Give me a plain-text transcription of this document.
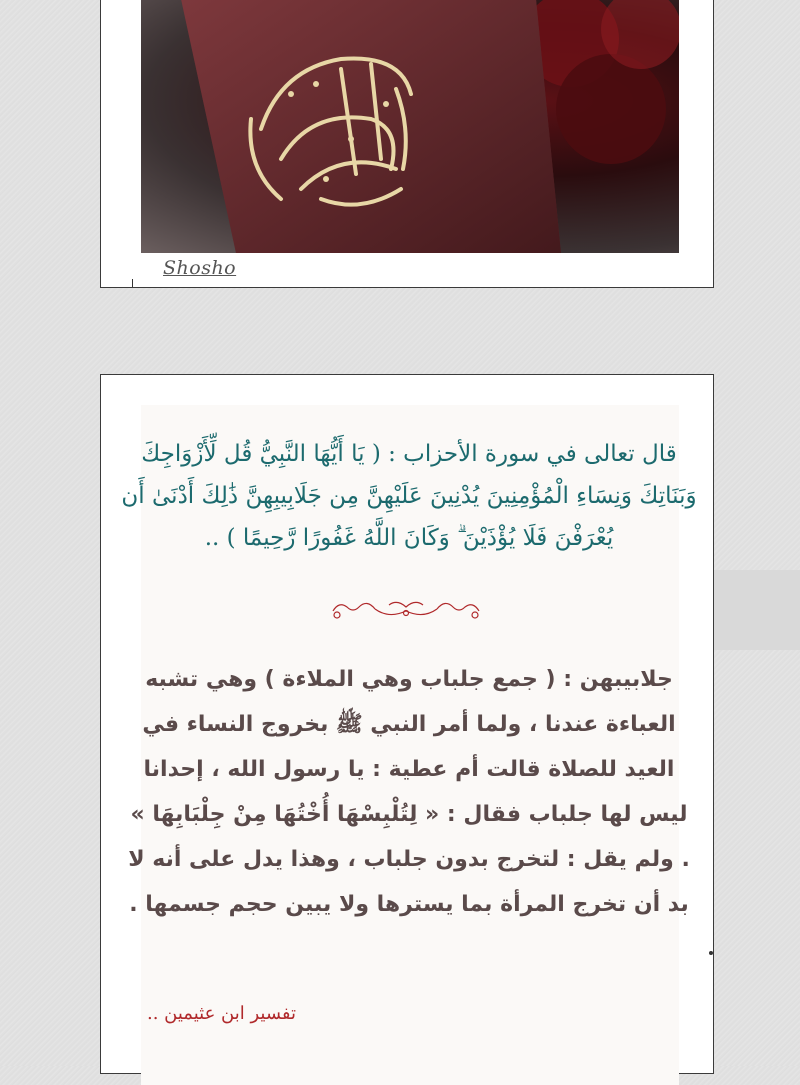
Shosho
قال تعالى في سورة الأحزاب : ( يَا أَيُّهَا النَّبِيُّ قُل لِّأَزْوَاجِكَ وَبَنَاتِكَ وَنِسَاءِ الْمُؤْمِنِينَ يُدْنِينَ عَلَيْهِنَّ مِن جَلَابِيبِهِنَّ ذَٰلِكَ أَدْنَىٰ أَن يُعْرَفْنَ فَلَا يُؤْذَيْنَ ۗ وَكَانَ اللَّهُ غَفُورًا رَّحِيمًا ) ..
جلابيبهن : ( جمع جلباب وهي الملاءة ) وهي تشبه العباءة عندنا ، ولما أمر النبي ﷺ بخروج النساء في العيد للصلاة قالت أم عطية : يا رسول الله ، إحدانا ليس لها جلباب فقال : « لِتُلْبِسْهَا أُخْتُهَا مِنْ جِلْبَابِهَا » . ولم يقل : لتخرج بدون جلباب ، وهذا يدل على أنه لا بد أن تخرج المرأة بما يسترها ولا يبين حجم جسمها .
تفسير ابن عثيمين ..
